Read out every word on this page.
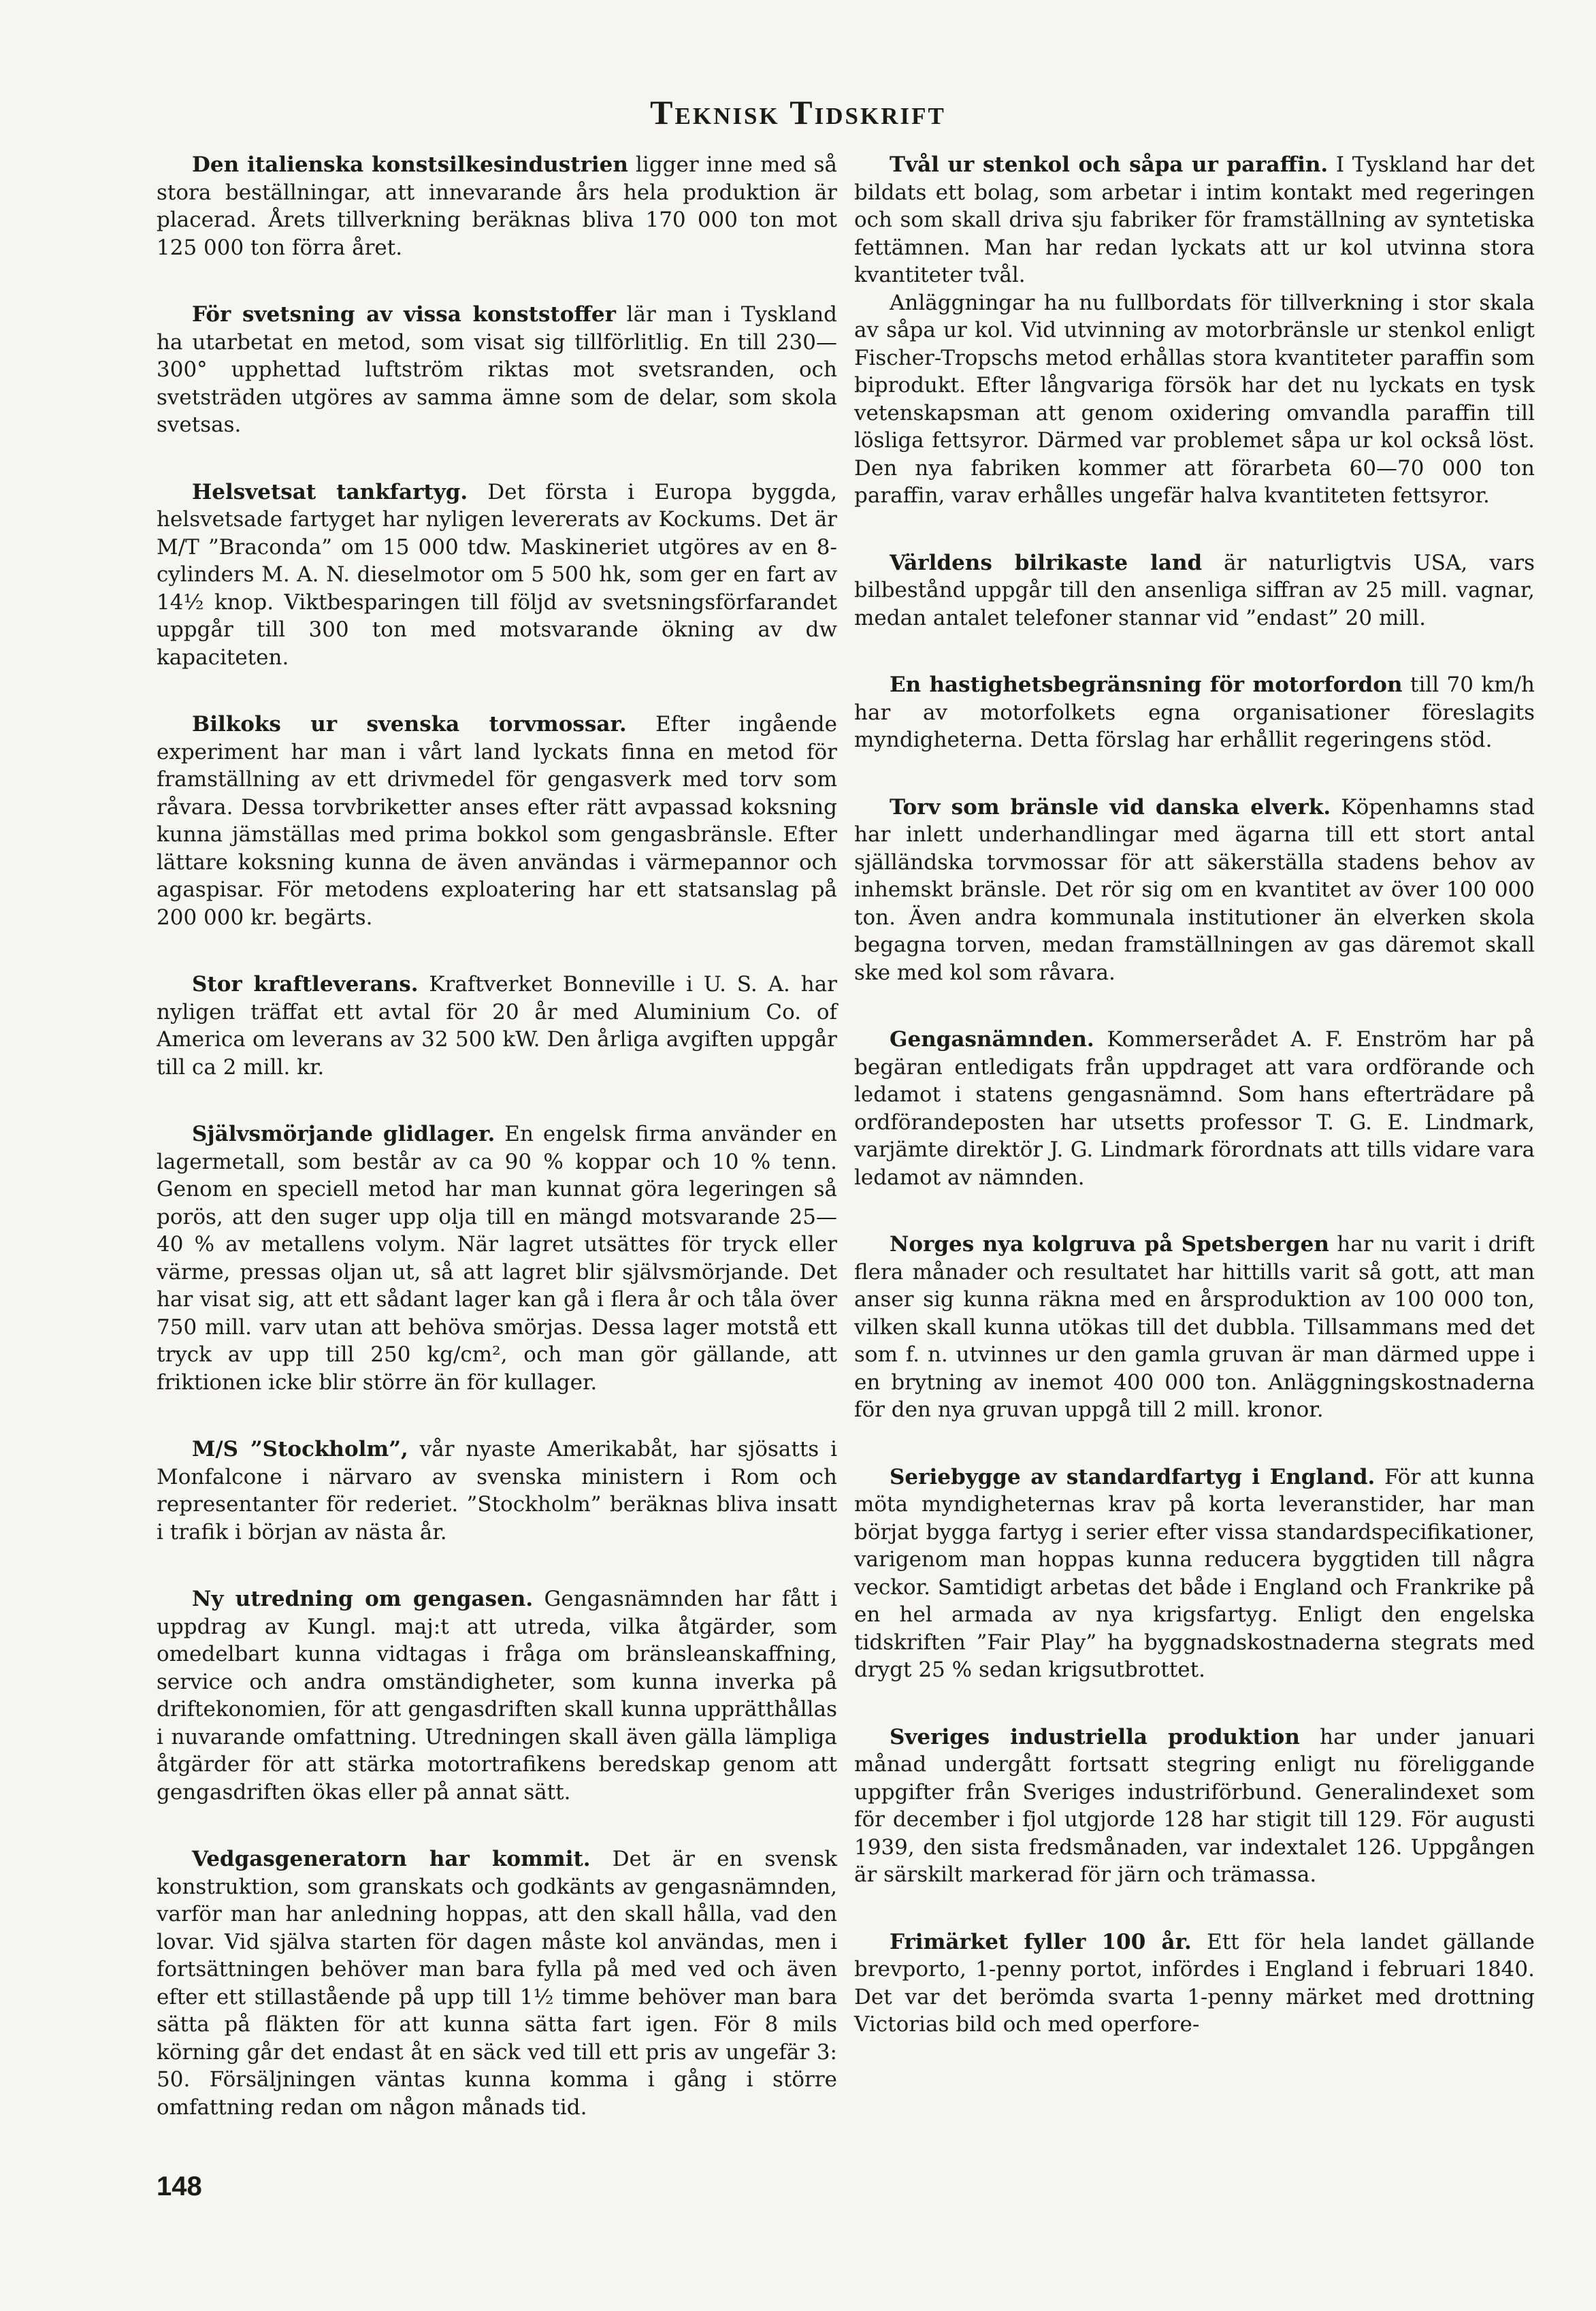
Teknisk Tidskrift
Den italienska konstsilkesindustrien ligger inne med så stora beställningar, att innevarande års hela produktion är placerad. Årets tillverkning beräknas bliva 170 000 ton mot 125 000 ton förra året.
För svetsning av vissa konststoffer lär man i Tyskland ha utarbetat en metod, som visat sig tillförlitlig. En till 230—300° upphettad luftström riktas mot svetsranden, och svetsträden utgöres av samma ämne som de delar, som skola svetsas.
Helsvetsat tankfartyg. Det första i Europa byggda, helsvetsade fartyget har nyligen levererats av Kockums. Det är M/T ”Braconda” om 15 000 tdw. Maskineriet utgöres av en 8-cylinders M. A. N. dieselmotor om 5 500 hk, som ger en fart av 14½ knop. Viktbesparingen till följd av svetsningsförfarandet uppgår till 300 ton med motsvarande ökning av dw kapaciteten.
Bilkoks ur svenska torvmossar. Efter ingående experiment har man i vårt land lyckats finna en metod för framställning av ett drivmedel för gengasverk med torv som råvara. Dessa torvbriketter anses efter rätt avpassad koksning kunna jämställas med prima bokkol som gengasbränsle. Efter lättare koksning kunna de även användas i värmepannor och agaspisar. För metodens exploatering har ett statsanslag på 200 000 kr. begärts.
Stor kraftleverans. Kraftverket Bonneville i U. S. A. har nyligen träffat ett avtal för 20 år med Aluminium Co. of America om leverans av 32 500 kW. Den årliga avgiften uppgår till ca 2 mill. kr.
Självsmörjande glidlager. En engelsk firma använder en lagermetall, som består av ca 90 % koppar och 10 % tenn. Genom en speciell metod har man kunnat göra legeringen så porös, att den suger upp olja till en mängd motsvarande 25—40 % av metallens volym. När lagret utsättes för tryck eller värme, pressas oljan ut, så att lagret blir självsmörjande. Det har visat sig, att ett sådant lager kan gå i flera år och tåla över 750 mill. varv utan att behöva smörjas. Dessa lager motstå ett tryck av upp till 250 kg/cm², och man gör gällande, att friktionen icke blir större än för kullager.
M/S ”Stockholm”, vår nyaste Amerikabåt, har sjösatts i Monfalcone i närvaro av svenska ministern i Rom och representanter för rederiet. ”Stockholm” beräknas bliva insatt i trafik i början av nästa år.
Ny utredning om gengasen. Gengasnämnden har fått i uppdrag av Kungl. maj:t att utreda, vilka åtgärder, som omedelbart kunna vidtagas i fråga om bränsleanskaffning, service och andra omständigheter, som kunna inverka på driftekonomien, för att gengasdriften skall kunna upprätthållas i nuvarande omfattning. Utredningen skall även gälla lämpliga åtgärder för att stärka motortrafikens beredskap genom att gengasdriften ökas eller på annat sätt.
Vedgasgeneratorn har kommit. Det är en svensk konstruktion, som granskats och godkänts av gengasnämnden, varför man har anledning hoppas, att den skall hålla, vad den lovar. Vid själva starten för dagen måste kol användas, men i fortsättningen behöver man bara fylla på med ved och även efter ett stillastående på upp till 1½ timme behöver man bara sätta på fläkten för att kunna sätta fart igen. För 8 mils körning går det endast åt en säck ved till ett pris av ungefär 3: 50. Försäljningen väntas kunna komma i gång i större omfattning redan om någon månads tid.
Tvål ur stenkol och såpa ur paraffin. I Tyskland har det bildats ett bolag, som arbetar i intim kontakt med regeringen och som skall driva sju fabriker för framställning av syntetiska fettämnen. Man har redan lyckats att ur kol utvinna stora kvantiteter tvål.

Anläggningar ha nu fullbordats för tillverkning i stor skala av såpa ur kol. Vid utvinning av motorbränsle ur stenkol enligt Fischer-Tropschs metod erhållas stora kvantiteter paraffin som biprodukt. Efter långvariga försök har det nu lyckats en tysk vetenskapsman att genom oxidering omvandla paraffin till lösliga fettsyror. Därmed var problemet såpa ur kol också löst. Den nya fabriken kommer att förarbeta 60—70 000 ton paraffin, varav erhålles ungefär halva kvantiteten fettsyror.

Världens bilrikaste land är naturligtvis USA, vars bilbestånd uppgår till den ansenliga siffran av 25 mill. vagnar, medan antalet telefoner stannar vid ”endast” 20 mill.
En hastighetsbegränsning för motorfordon till 70 km/h har av motorfolkets egna organisationer föreslagits myndigheterna. Detta förslag har erhållit regeringens stöd.
Torv som bränsle vid danska elverk. Köpenhamns stad har inlett underhandlingar med ägarna till ett stort antal själländska torvmossar för att säkerställa stadens behov av inhemskt bränsle. Det rör sig om en kvantitet av över 100 000 ton. Även andra kommunala institutioner än elverken skola begagna torven, medan framställningen av gas däremot skall ske med kol som råvara.
Gengasnämnden. Kommerserådet A. F. Enström har på begäran entledigats från uppdraget att vara ordförande och ledamot i statens gengasnämnd. Som hans efterträdare på ordförandeposten har utsetts professor T. G. E. Lindmark, varjämte direktör J. G. Lindmark förordnats att tills vidare vara ledamot av nämnden.
Norges nya kolgruva på Spetsbergen har nu varit i drift flera månader och resultatet har hittills varit så gott, att man anser sig kunna räkna med en årsproduktion av 100 000 ton, vilken skall kunna utökas till det dubbla. Tillsammans med det som f. n. utvinnes ur den gamla gruvan är man därmed uppe i en brytning av inemot 400 000 ton. Anläggningskostnaderna för den nya gruvan uppgå till 2 mill. kronor.
Seriebygge av standardfartyg i England. För att kunna möta myndigheternas krav på korta leveranstider, har man börjat bygga fartyg i serier efter vissa standardspecifikationer, varigenom man hoppas kunna reducera byggtiden till några veckor. Samtidigt arbetas det både i England och Frankrike på en hel armada av nya krigsfartyg. Enligt den engelska tidskriften ”Fair Play” ha byggnadskostnaderna stegrats med drygt 25 % sedan krigsutbrottet.
Sveriges industriella produktion har under januari månad undergått fortsatt stegring enligt nu föreliggande uppgifter från Sveriges industriförbund. Generalindexet som för december i fjol utgjorde 128 har stigit till 129. För augusti 1939, den sista fredsmånaden, var indextalet 126. Uppgången är särskilt markerad för järn och trämassa.
Frimärket fyller 100 år. Ett för hela landet gällande brevporto, 1-penny portot, infördes i England i februari 1840. Det var det berömda svarta 1-penny märket med drottning Victorias bild och med operfore-
148
